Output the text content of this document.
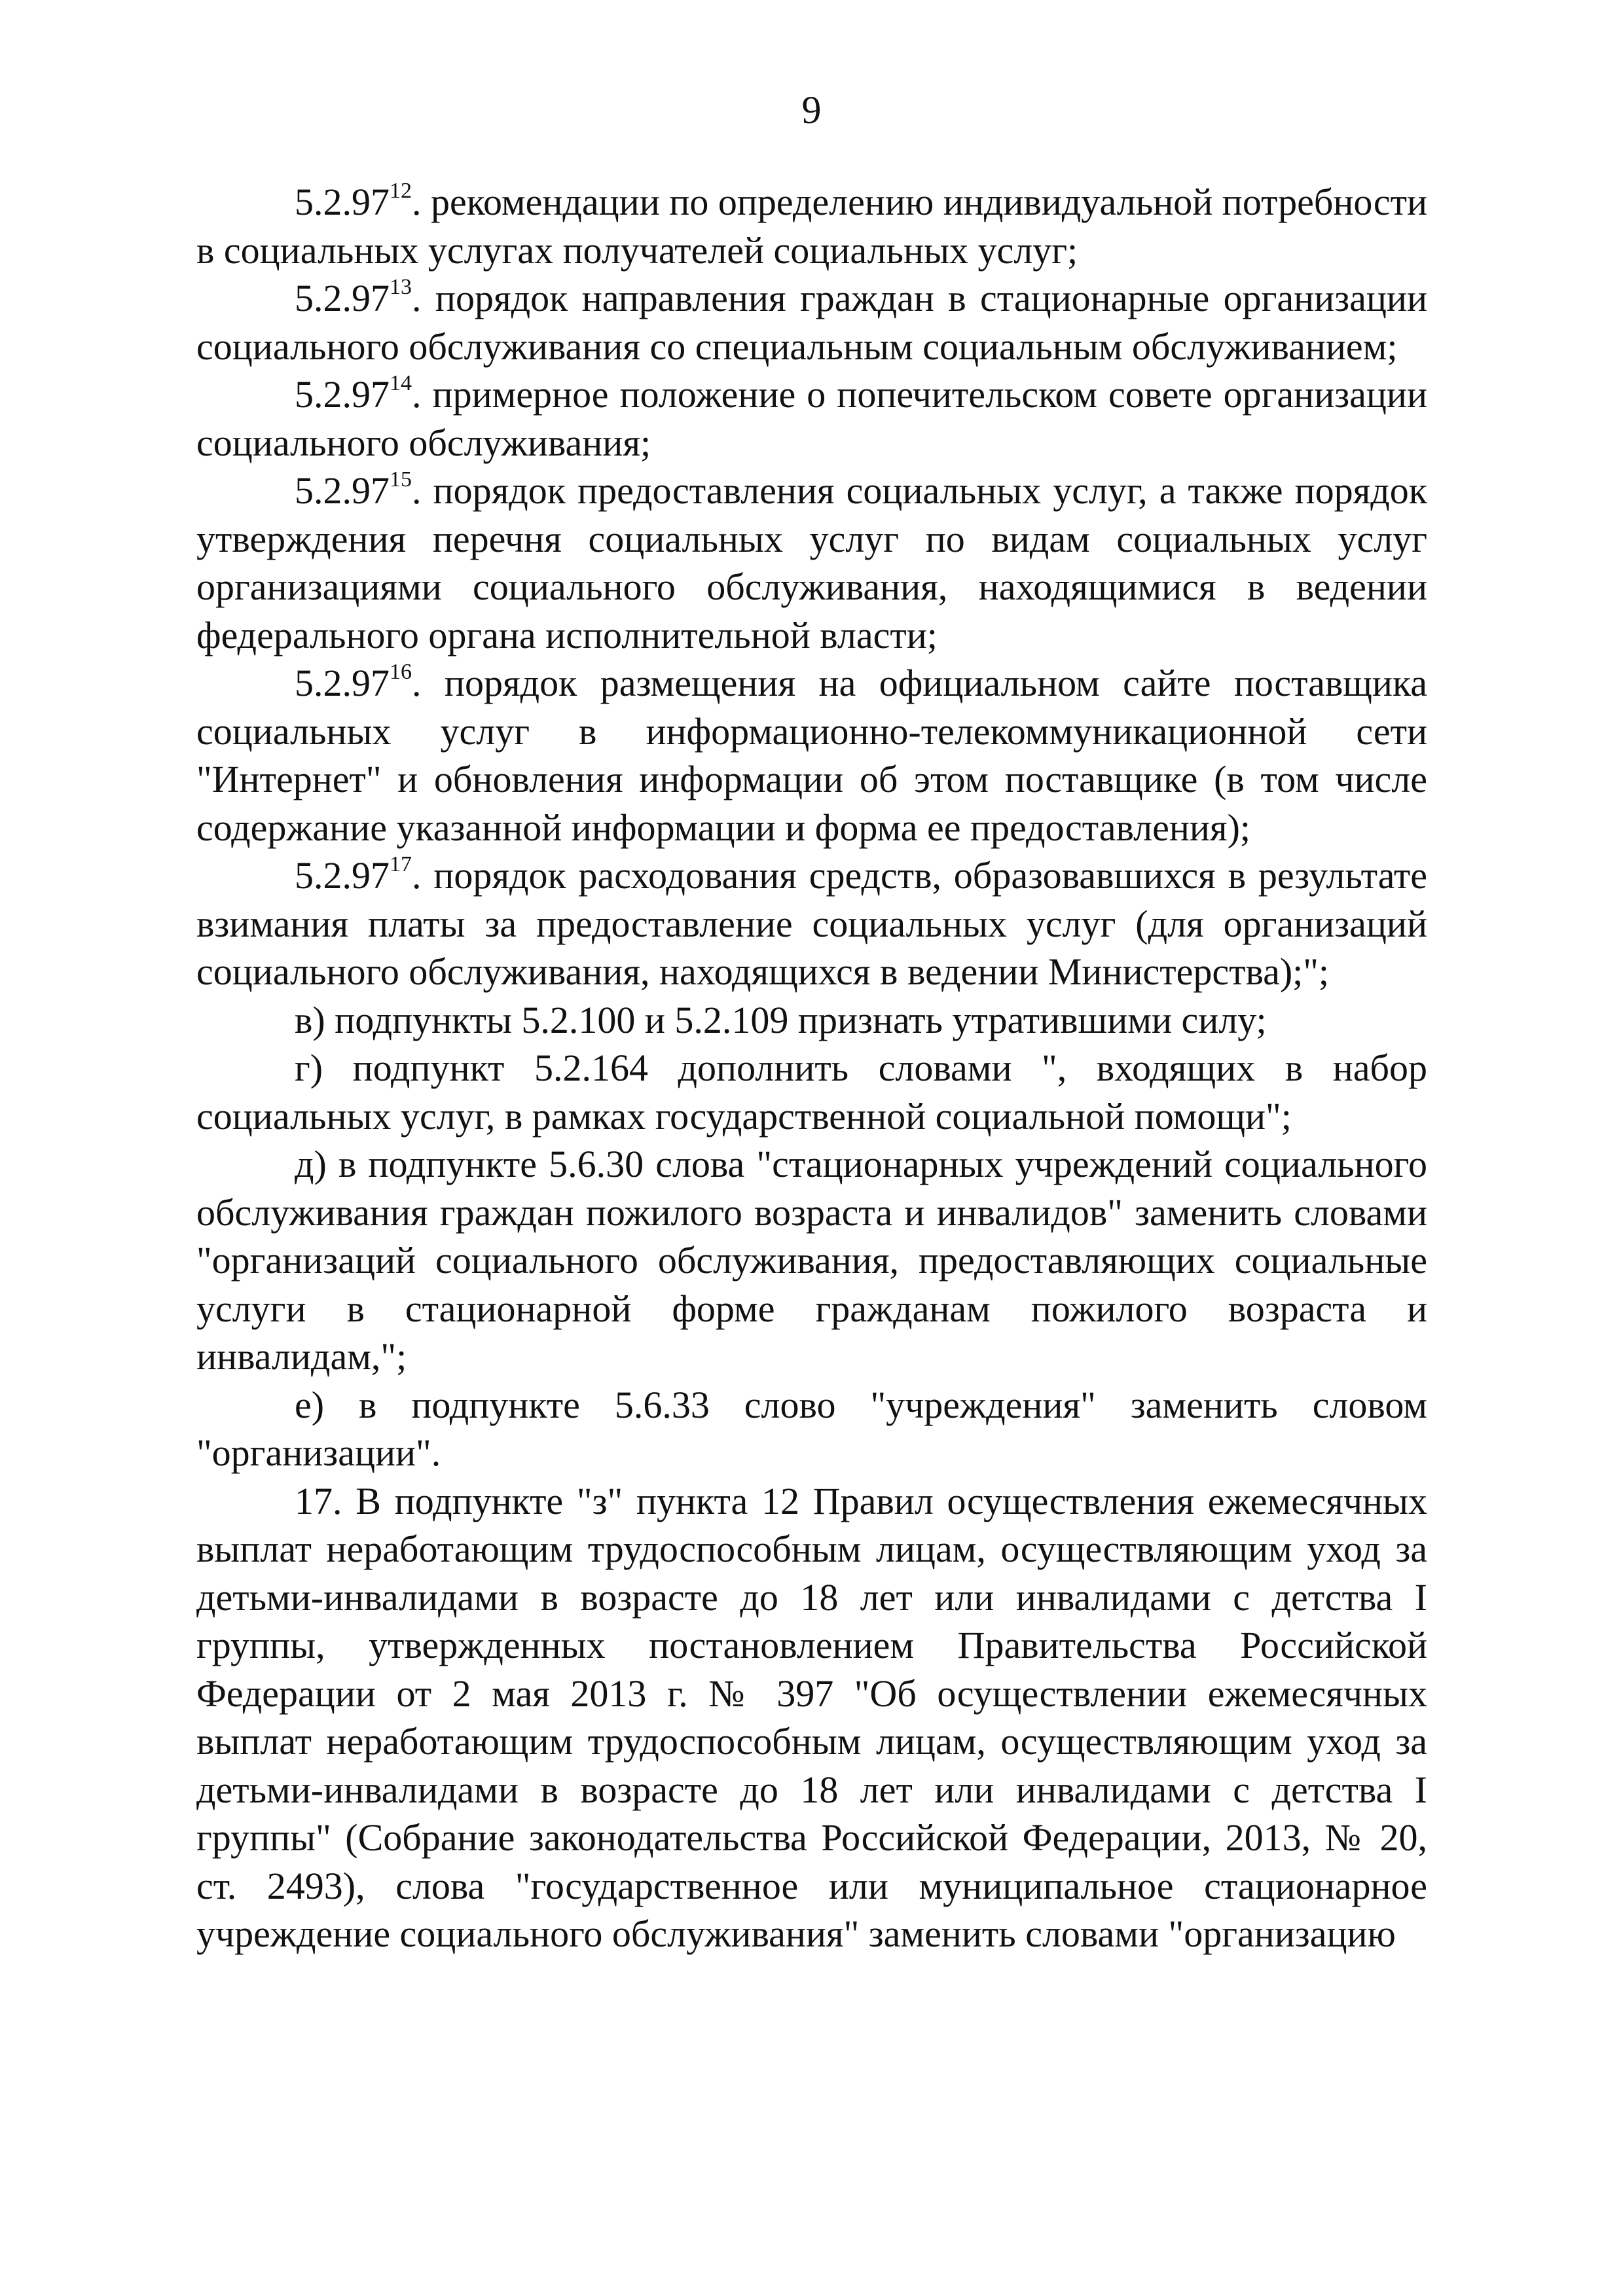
9

5.2.97$^{12}$. рекомендации по определению индивидуальной потребности в социальных услугах получателей социальных услуг;

5.2.97$^{13}$. порядок направления граждан в стационарные организации социального обслуживания со специальным социальным обслуживанием;

5.2.97$^{14}$. примерное положение о попечительском совете организации социального обслуживания;

5.2.97$^{15}$. порядок предоставления социальных услуг, а также порядок утверждения перечня социальных услуг по видам социальных услуг организациями социального обслуживания, находящимися в ведении федерального органа исполнительной власти;

5.2.97$^{16}$. порядок размещения на официальном сайте поставщика социальных услуг в информационно-телекоммуникационной сети "Интернет" и обновления информации об этом поставщике (в том числе содержание указанной информации и форма ее предоставления);

5.2.97$^{17}$. порядок расходования средств, образовавшихся в результате взимания платы за предоставление социальных услуг (для организаций социального обслуживания, находящихся в ведении Министерства);";

в) подпункты 5.2.100 и 5.2.109 признать утратившими силу;

г) подпункт 5.2.164 дополнить словами ", входящих в набор социальных услуг, в рамках государственной социальной помощи";

д) в подпункте 5.6.30 слова "стационарных учреждений социального обслуживания граждан пожилого возраста и инвалидов" заменить словами "организаций социального обслуживания, предоставляющих социальные услуги в стационарной форме гражданам пожилого возраста и инвалидам,";

е) в подпункте 5.6.33 слово "учреждения" заменить словом "организации".

17. В подпункте "з" пункта 12 Правил осуществления ежемесячных выплат неработающим трудоспособным лицам, осуществляющим уход за детьми-инвалидами в возрасте до 18 лет или инвалидами с детства I группы, утвержденных постановлением Правительства Российской Федерации от 2 мая 2013 г. № 397 "Об осуществлении ежемесячных выплат неработающим трудоспособным лицам, осуществляющим уход за детьми-инвалидами в возрасте до 18 лет или инвалидами с детства I группы" (Собрание законодательства Российской Федерации, 2013, № 20, ст. 2493), слова "государственное или муниципальное стационарное учреждение социального обслуживания" заменить словами "организацию
